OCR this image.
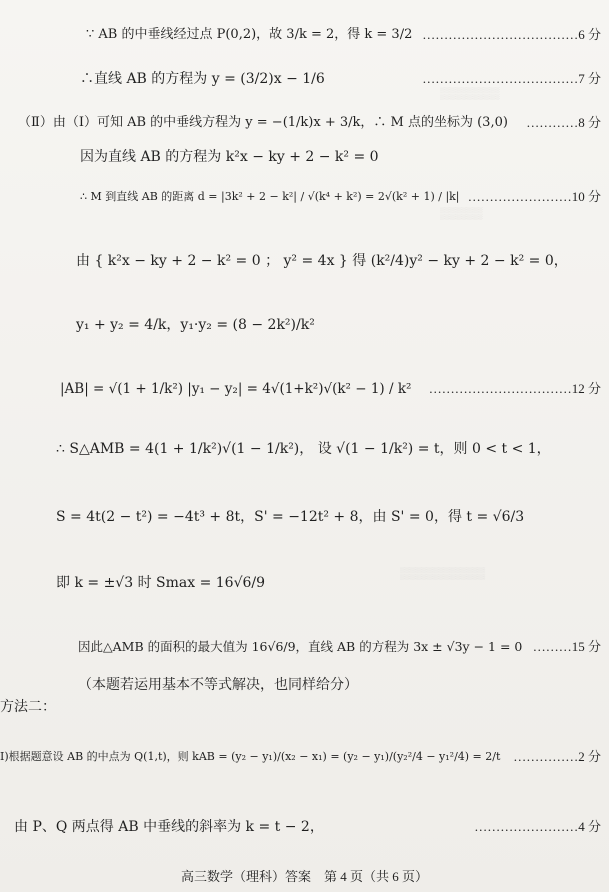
▒▒▒▒▒▒▒
▒▒▒▒▒
▒▒▒▒▒▒▒▒▒▒
∵ AB 的中垂线经过点 P(0,2)，故 3/k = 2，得 k = 3/2 ………………………………6 分
∴直线 AB 的方程为 y = (3/2)x − 1/6	………………………………7 分
（Ⅱ）由（Ⅰ）可知 AB 的中垂线方程为 y = −(1/k)x + 3/k，∴ M 点的坐标为 (3,0) …………8 分
因为直线 AB 的方程为 k²x − ky + 2 − k² = 0
∴ M 到直线 AB 的距离 d = |3k² + 2 − k²| / √(k⁴ + k²) = 2√(k² + 1) / |k| ……………………10 分
由 { k²x − ky + 2 − k² = 0 ； y² = 4x } 得 (k²/4)y² − ky + 2 − k² = 0，
y₁ + y₂ = 4/k，y₁·y₂ = (8 − 2k²)/k²
|AB| = √(1 + 1/k²) |y₁ − y₂| = 4√(1+k²)√(k² − 1) / k² ……………………………12 分
∴ S△AMB = 4(1 + 1/k²)√(1 − 1/k²)， 设 √(1 − 1/k²) = t，则 0 < t < 1，
S = 4t(2 − t²) = −4t³ + 8t，S' = −12t² + 8，由 S' = 0，得 t = √6/3
即 k = ±√3 时 Smax = 16√6/9
因此△AMB 的面积的最大值为 16√6/9，直线 AB 的方程为 3x ± √3y − 1 = 0 ………15 分
（本题若运用基本不等式解决，也同样给分）
方法二：
Ⅰ)根据题意设 AB 的中点为 Q(1,t)，则 kAB = (y₂ − y₁)/(x₂ − x₁) = (y₂ − y₁)/(y₂²/4 − y₁²/4) = 2/t ……………2 分
由 P、Q 两点得 AB 中垂线的斜率为 k = t − 2，	……………………4 分
高三数学（理科）答案　第 4 页（共 6 页）
